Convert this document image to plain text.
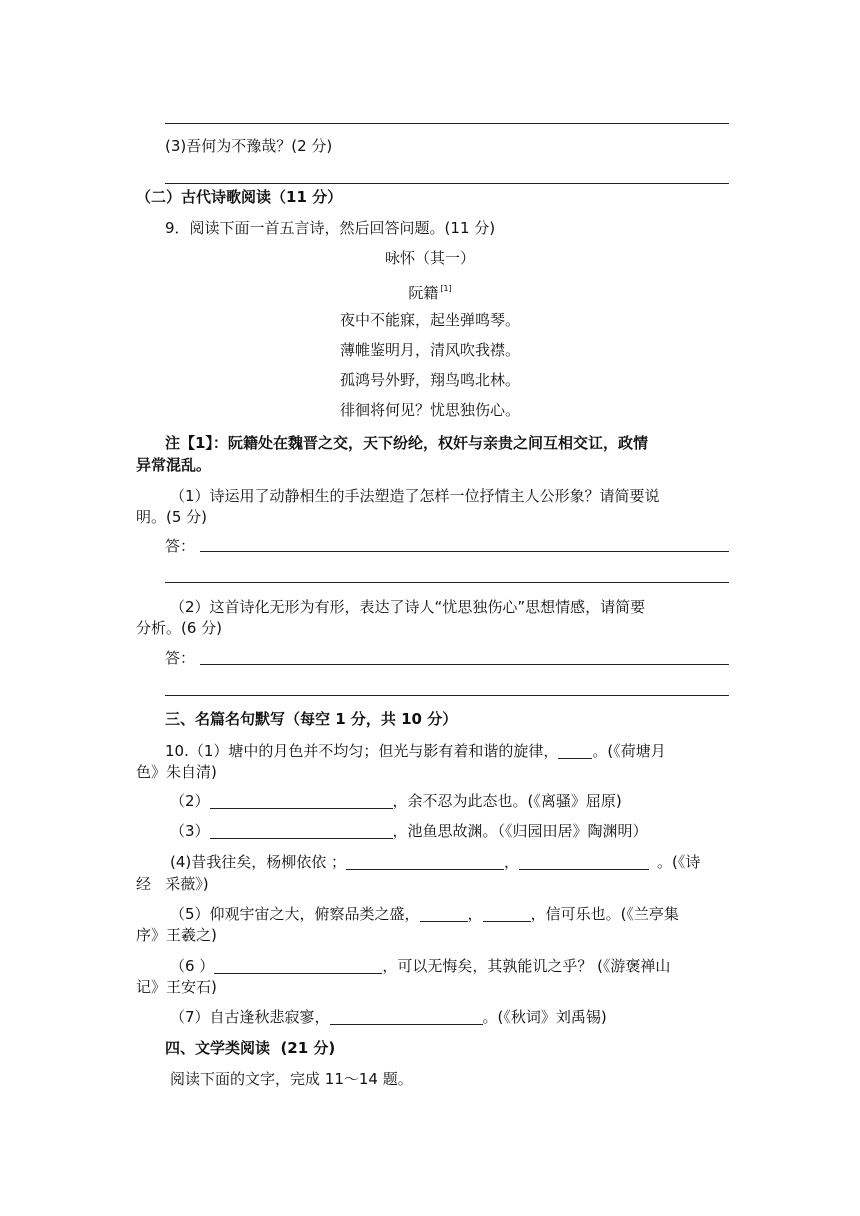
(3)吾何为不豫哉？(2 分)
（二）古代诗歌阅读（11 分）
9．阅读下面一首五言诗，然后回答问题。(11 分)
咏怀（其一）
阮籍 [1]
夜中不能寐，起坐弹鸣琴。
薄帷鉴明月，清风吹我襟。
孤鸿号外野，翔鸟鸣北林。
徘徊将何见？忧思独伤心。
注【1】：阮籍处在魏晋之交，天下纷纶，权奸与亲贵之间互相交讧，政情
异常混乱。
（1）诗运用了动静相生的手法塑造了怎样一位抒情主人公形象？请简要说
明。(5 分)
答：
（2）这首诗化无形为有形，表达了诗人“忧思独伤心”思想情感，请简要
分析。(6 分)
答：
三、名篇名句默写（每空 1 分，共 10 分）
10.（1）塘中的月色并不均匀；但光与影有着和谐的旋律， 。(《荷塘月
色》朱自清)
（2）	，余不忍为此态也。(《离骚》屈原)
（3）	，池鱼思故渊。（《归园田居》陶渊明）
(4)昔我往矣，杨柳依依 ；	，	。(《诗
经   采薇》)
（5）仰观宇宙之大，俯察品类之盛，	，	，信可乐也。(《兰亭集
序》王羲之)
（6 ）	，可以无悔矣，其孰能讥之乎？ (《游褒禅山
记》王安石)
（7）自古逢秋悲寂寥，	。(《秋词》刘禹锡)
四、文学类阅读  (21 分)
阅读下面的文字，完成 11～14 题。
